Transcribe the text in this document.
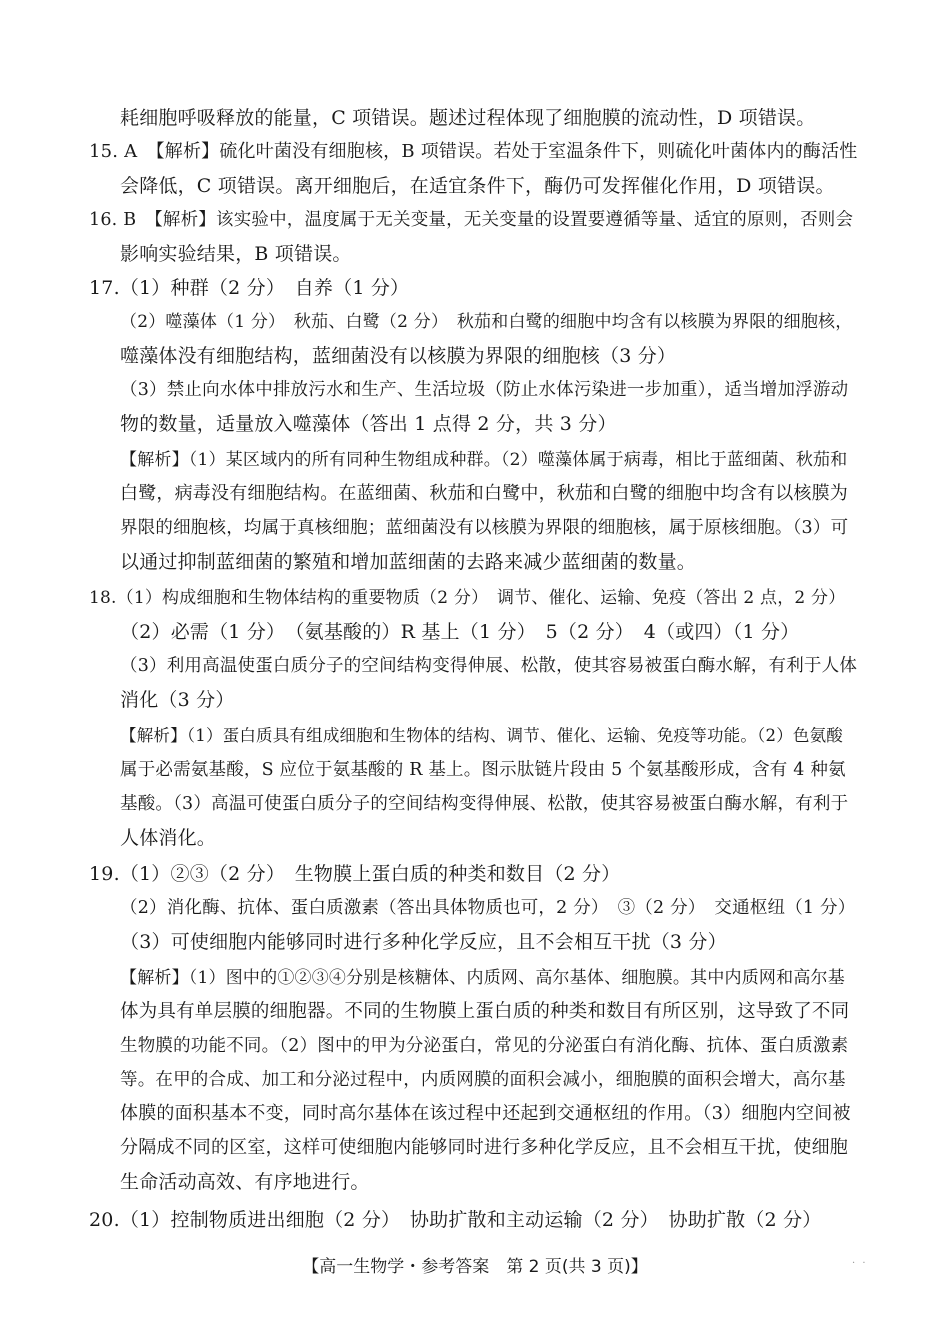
耗细胞呼吸释放的能量，C 项错误。题述过程体现了细胞膜的流动性，D 项错误。
15. A　【解析】硫化叶菌没有细胞核，B 项错误。若处于室温条件下，则硫化叶菌体内的酶活性
会降低，C 项错误。离开细胞后，在适宜条件下，酶仍可发挥催化作用，D 项错误。
16. B　【解析】该实验中，温度属于无关变量，无关变量的设置要遵循等量、适宜的原则，否则会
影响实验结果，B 项错误。
17.（1）种群（2 分）　自养（1 分）
（2）噬藻体（1 分）　秋茄、白鹭（2 分）　秋茄和白鹭的细胞中均含有以核膜为界限的细胞核，
噬藻体没有细胞结构，蓝细菌没有以核膜为界限的细胞核（3 分）
（3）禁止向水体中排放污水和生产、生活垃圾（防止水体污染进一步加重），适当增加浮游动
物的数量，适量放入噬藻体（答出 1 点得 2 分，共 3 分）
【解析】（1）某区域内的所有同种生物组成种群。（2）噬藻体属于病毒，相比于蓝细菌、秋茄和
白鹭，病毒没有细胞结构。在蓝细菌、秋茄和白鹭中，秋茄和白鹭的细胞中均含有以核膜为
界限的细胞核，均属于真核细胞；蓝细菌没有以核膜为界限的细胞核，属于原核细胞。（3）可
以通过抑制蓝细菌的繁殖和增加蓝细菌的去路来减少蓝细菌的数量。
18.（1）构成细胞和生物体结构的重要物质（2 分）　调节、催化、运输、免疫（答出 2 点，2 分）
（2）必需（1 分）　（氨基酸的）R 基上（1 分）　5（2 分）　4（或四）（1 分）
（3）利用高温使蛋白质分子的空间结构变得伸展、松散，使其容易被蛋白酶水解，有利于人体
消化（3 分）
【解析】（1）蛋白质具有组成细胞和生物体的结构、调节、催化、运输、免疫等功能。（2）色氨酸
属于必需氨基酸，S 应位于氨基酸的 R 基上。图示肽链片段由 5 个氨基酸形成，含有 4 种氨
基酸。（3）高温可使蛋白质分子的空间结构变得伸展、松散，使其容易被蛋白酶水解，有利于
人体消化。
19.（1）②③（2 分）　生物膜上蛋白质的种类和数目（2 分）
（2）消化酶、抗体、蛋白质激素（答出具体物质也可，2 分）　③（2 分）　交通枢纽（1 分）
（3）可使细胞内能够同时进行多种化学反应，且不会相互干扰（3 分）
【解析】（1）图中的①②③④分别是核糖体、内质网、高尔基体、细胞膜。其中内质网和高尔基
体为具有单层膜的细胞器。不同的生物膜上蛋白质的种类和数目有所区别，这导致了不同
生物膜的功能不同。（2）图中的甲为分泌蛋白，常见的分泌蛋白有消化酶、抗体、蛋白质激素
等。在甲的合成、加工和分泌过程中，内质网膜的面积会减小，细胞膜的面积会增大，高尔基
体膜的面积基本不变，同时高尔基体在该过程中还起到交通枢纽的作用。（3）细胞内空间被
分隔成不同的区室，这样可使细胞内能够同时进行多种化学反应，且不会相互干扰，使细胞
生命活动高效、有序地进行。
20.（1）控制物质进出细胞（2 分）　协助扩散和主动运输（2 分）　协助扩散（2 分）
【高一生物学・参考答案　第 2 页(共 3 页)】	· ·
